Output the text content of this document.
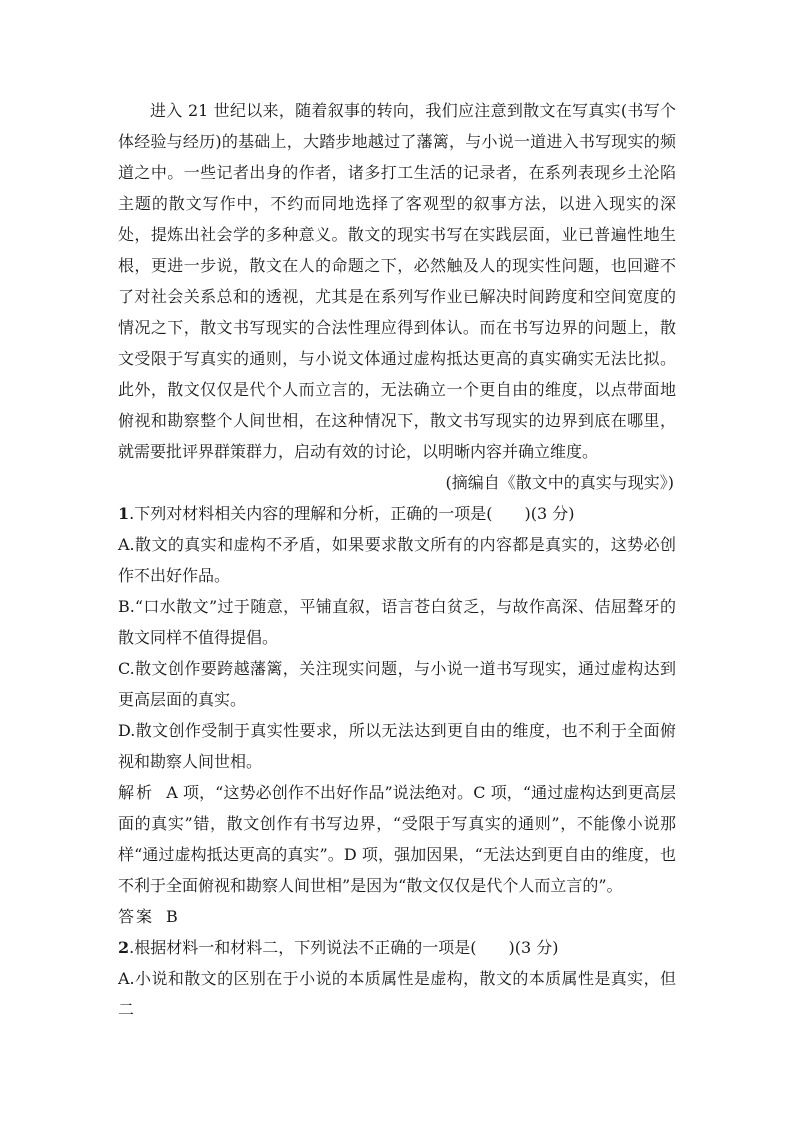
进入 21 世纪以来，随着叙事的转向，我们应注意到散文在写真实(书写个体经验与经历)的基础上，大踏步地越过了藩篱，与小说一道进入书写现实的频道之中。一些记者出身的作者，诸多打工生活的记录者，在系列表现乡土沦陷主题的散文写作中，不约而同地选择了客观型的叙事方法，以进入现实的深处，提炼出社会学的多种意义。散文的现实书写在实践层面，业已普遍性地生根，更进一步说，散文在人的命题之下，必然触及人的现实性问题，也回避不了对社会关系总和的透视，尤其是在系列写作业已解决时间跨度和空间宽度的情况之下，散文书写现实的合法性理应得到体认。而在书写边界的问题上，散文受限于写真实的通则，与小说文体通过虚构抵达更高的真实确实无法比拟。此外，散文仅仅是代个人而立言的，无法确立一个更自由的维度，以点带面地俯视和勘察整个人间世相，在这种情况下，散文书写现实的边界到底在哪里，就需要批评界群策群力，启动有效的讨论，以明晰内容并确立维度。

(摘编自《散文中的真实与现实》)

1.下列对材料相关内容的理解和分析，正确的一项是(　　)(3 分)

A.散文的真实和虚构不矛盾，如果要求散文所有的内容都是真实的，这势必创作不出好作品。

B.“口水散文”过于随意，平铺直叙，语言苍白贫乏，与故作高深、佶屈聱牙的散文同样不值得提倡。

C.散文创作要跨越藩篱，关注现实问题，与小说一道书写现实，通过虚构达到更高层面的真实。

D.散文创作受制于真实性要求，所以无法达到更自由的维度，也不利于全面俯视和勘察人间世相。

解析 A 项，“这势必创作不出好作品”说法绝对。C 项，“通过虚构达到更高层面的真实”错，散文创作有书写边界，“受限于写真实的通则”，不能像小说那样“通过虚构抵达更高的真实”。D 项，强加因果，“无法达到更自由的维度，也不利于全面俯视和勘察人间世相”是因为“散文仅仅是代个人而立言的”。

答案 B

2.根据材料一和材料二，下列说法不正确的一项是(　　)(3 分)

A.小说和散文的区别在于小说的本质属性是虚构，散文的本质属性是真实，但二
